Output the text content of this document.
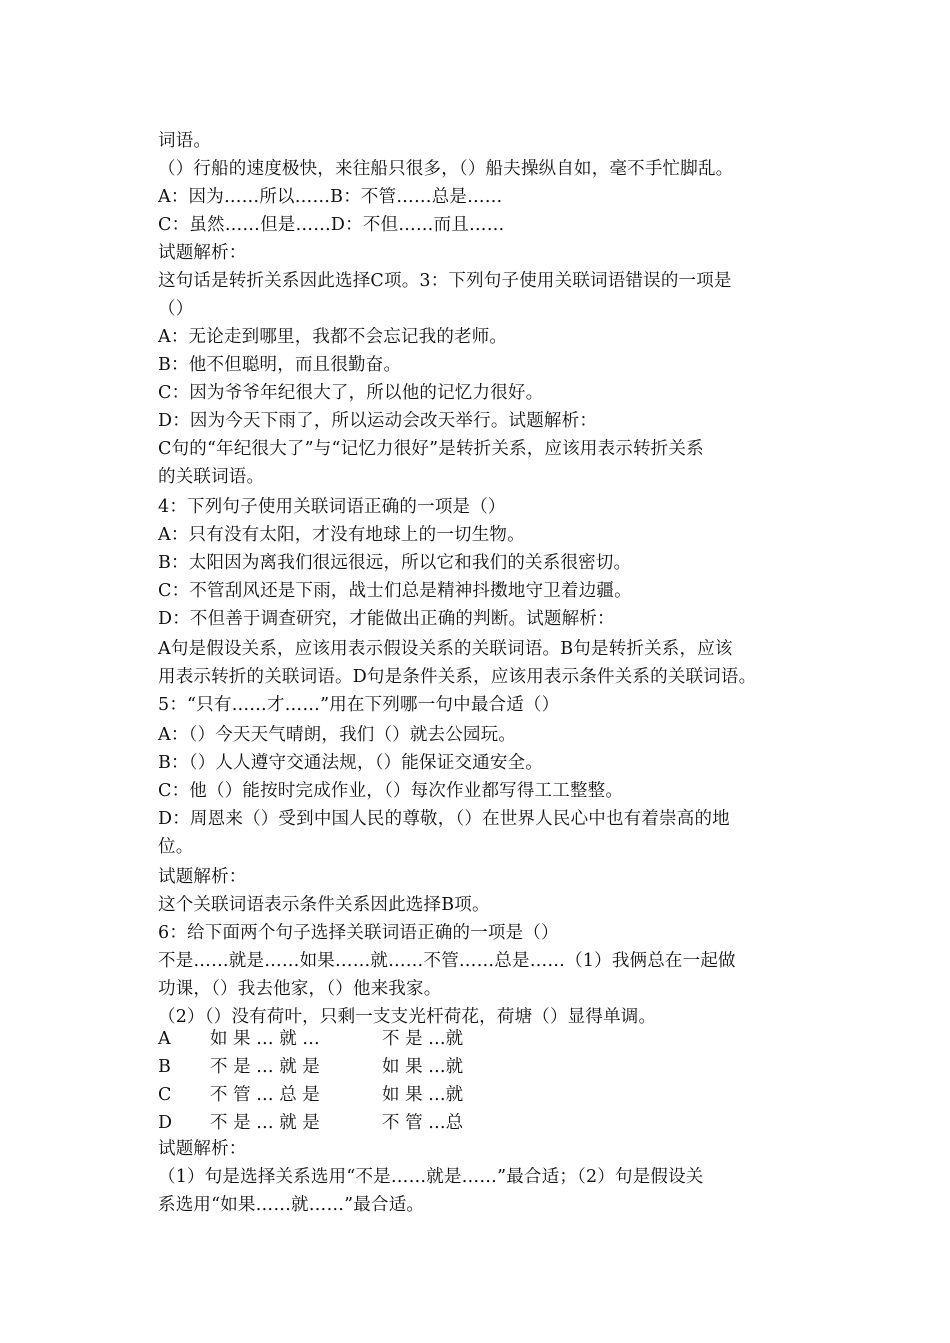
词语。
（）行船的速度极快，来往船只很多，（）船夫操纵自如，毫不手忙脚乱。
A：因为……所以……B：不管……总是……
C：虽然……但是……D：不但……而且……
试题解析：
这句话是转折关系因此选择C项。3：下列句子使用关联词语错误的一项是
（）
A：无论走到哪里，我都不会忘记我的老师。
B：他不但聪明，而且很勤奋。
C：因为爷爷年纪很大了，所以他的记忆力很好。
D：因为今天下雨了，所以运动会改天举行。试题解析：
C句的“年纪很大了”与“记忆力很好”是转折关系，应该用表示转折关系
的关联词语。
4：下列句子使用关联词语正确的一项是（）
A：只有没有太阳，才没有地球上的一切生物。
B：太阳因为离我们很远很远，所以它和我们的关系很密切。
C：不管刮风还是下雨，战士们总是精神抖擞地守卫着边疆。
D：不但善于调查研究，才能做出正确的判断。试题解析：
A句是假设关系，应该用表示假设关系的关联词语。B句是转折关系，应该
用表示转折的关联词语。D句是条件关系，应该用表示条件关系的关联词语。
5：“只有……才……”用在下列哪一句中最合适（）
A：（）今天天气晴朗，我们（）就去公园玩。
B：（）人人遵守交通法规，（）能保证交通安全。
C：他（）能按时完成作业，（）每次作业都写得工工整整。
D：周恩来（）受到中国人民的尊敬，（）在世界人民心中也有着崇高的地
位。
试题解析：
这个关联词语表示条件关系因此选择B项。
6：给下面两个句子选择关联词语正确的一项是（）
不是……就是……如果……就……不管……总是……（1）我俩总在一起做
功课，（）我去他家，（）他来我家。
（2）（）没有荷叶，只剩一支支光杆荷花，荷塘（）显得单调。
A 如 果 … 就 …	不 是 …就
B 不 是 … 就 是	如 果 …就
C 不 管 … 总 是	如 果 …就
D 不 是 … 就 是	不 管 …总
试题解析：
（1）句是选择关系选用“不是……就是……”最合适；（2）句是假设关
系选用“如果……就……”最合适。
